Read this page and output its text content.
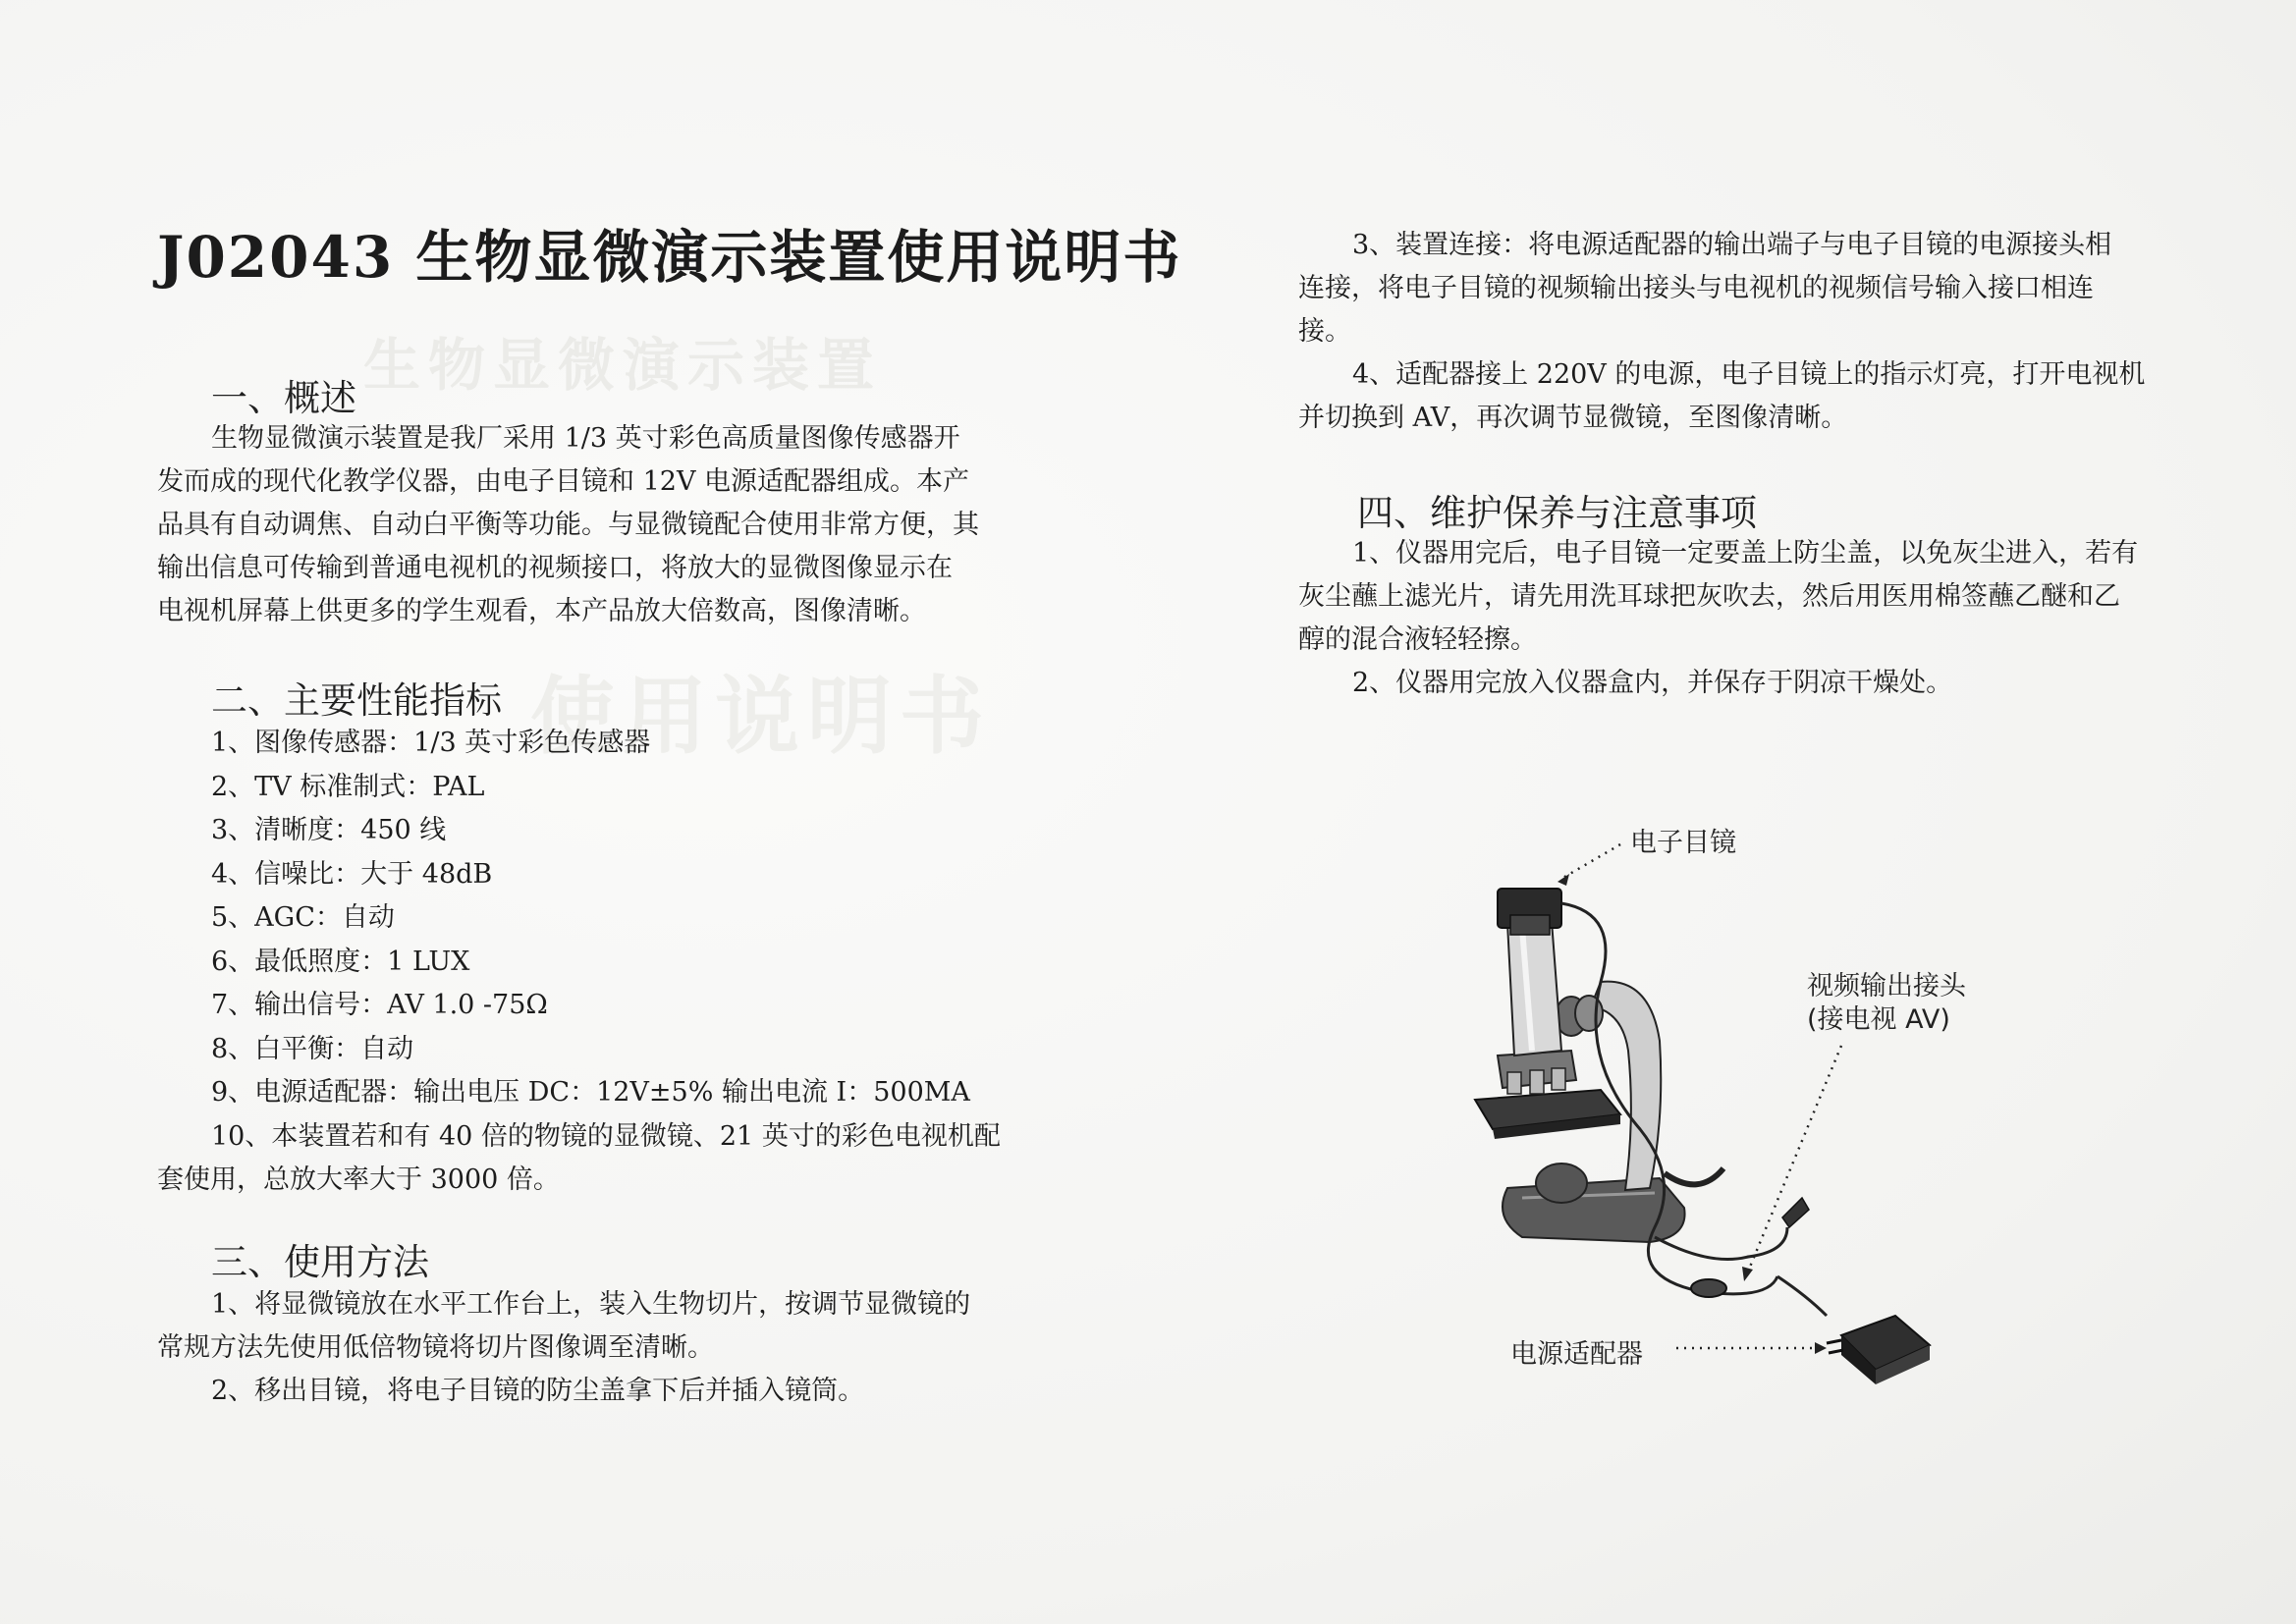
生物显微演示装置
使用说明书
J02043 生物显微演示装置使用说明书
一、概述
生物显微演示装置是我厂采用 1/3 英寸彩色高质量图像传感器开
发而成的现代化教学仪器，由电子目镜和 12V 电源适配器组成。本产
品具有自动调焦、自动白平衡等功能。与显微镜配合使用非常方便，其
输出信息可传输到普通电视机的视频接口，将放大的显微图像显示在
电视机屏幕上供更多的学生观看，本产品放大倍数高，图像清晰。
二、主要性能指标
1、图像传感器：1/3 英寸彩色传感器
2、TV 标准制式：PAL
3、清晰度：450 线
4、信噪比：大于 48dB
5、AGC：自动
6、最低照度：1 LUX
7、输出信号：AV 1.0 -75Ω
8、白平衡：自动
9、电源适配器：输出电压 DC：12V±5% 输出电流 I：500MA
10、本装置若和有 40 倍的物镜的显微镜、21 英寸的彩色电视机配
套使用，总放大率大于 3000 倍。
三、使用方法
1、将显微镜放在水平工作台上，装入生物切片，按调节显微镜的
常规方法先使用低倍物镜将切片图像调至清晰。
2、移出目镜，将电子目镜的防尘盖拿下后并插入镜筒。
3、装置连接：将电源适配器的输出端子与电子目镜的电源接头相
连接，将电子目镜的视频输出接头与电视机的视频信号输入接口相连
接。
4、适配器接上 220V 的电源，电子目镜上的指示灯亮，打开电视机
并切换到 AV，再次调节显微镜，至图像清晰。
四、维护保养与注意事项
1、仪器用完后，电子目镜一定要盖上防尘盖，以免灰尘进入，若有
灰尘蘸上滤光片，请先用洗耳球把灰吹去，然后用医用棉签蘸乙醚和乙
醇的混合液轻轻擦。
2、仪器用完放入仪器盒内，并保存于阴凉干燥处。
电子目镜
视频输出接头
(接电视 AV)
电源适配器
